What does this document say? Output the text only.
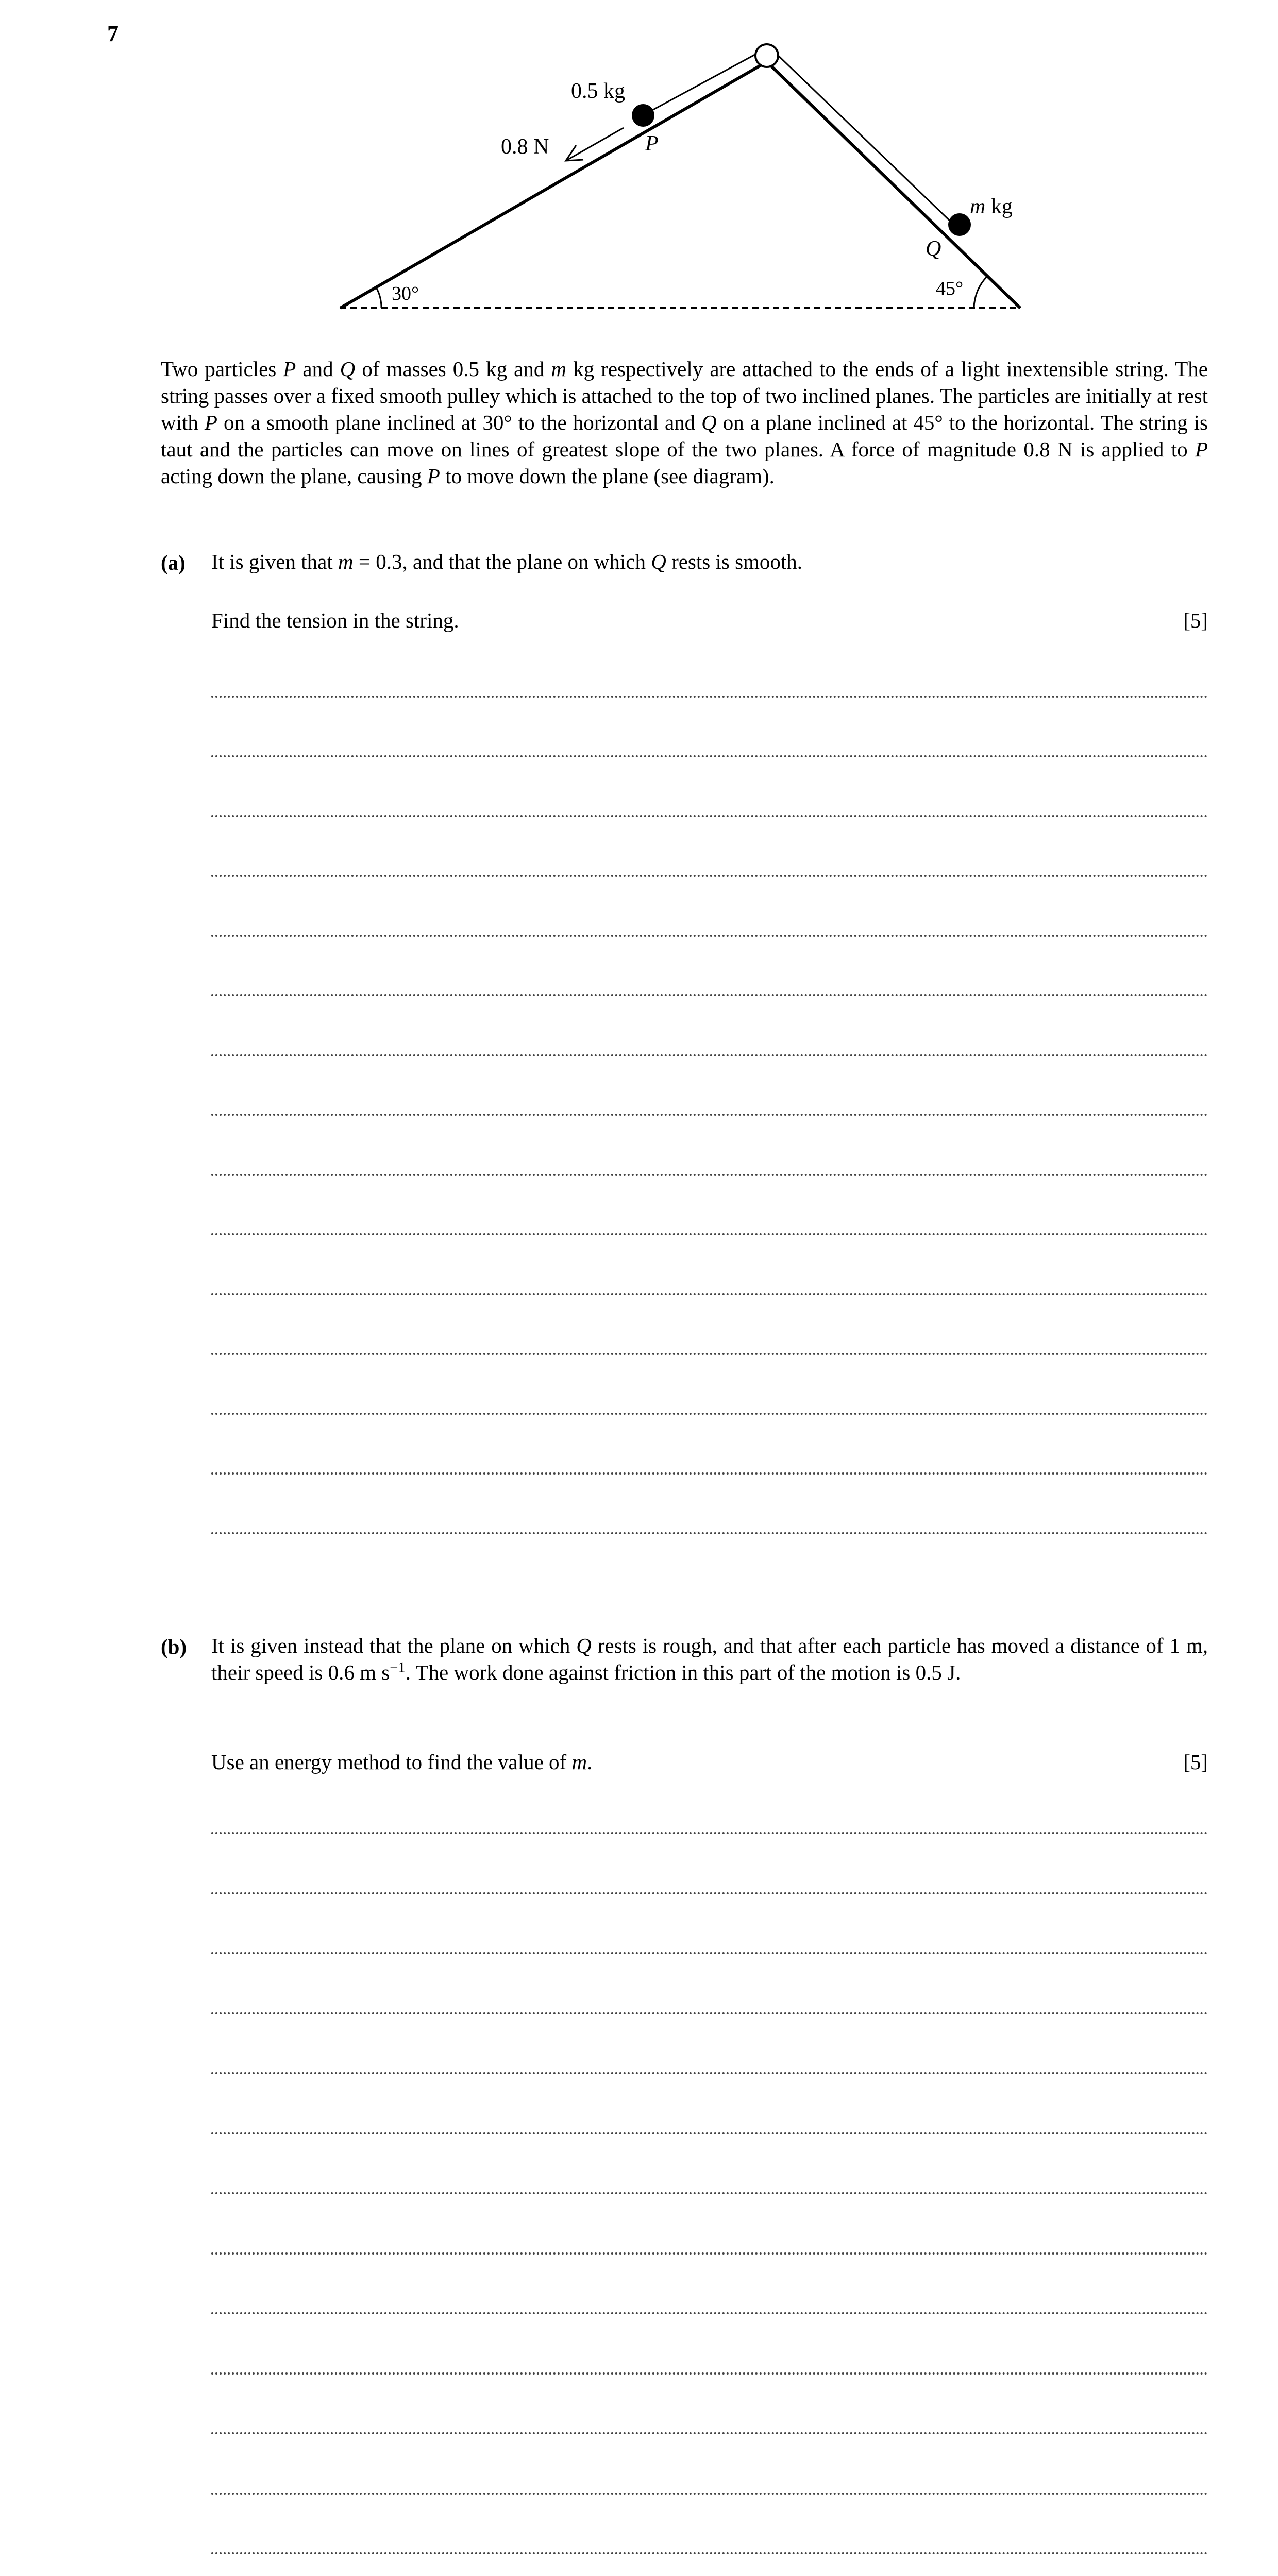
7
0.5 kg
0.8 N	P
m kg
Q
30°	45°
Two particles P and Q of masses 0.5 kg and m kg respectively are attached to the ends of a light inextensible string. The string passes over a fixed smooth pulley which is attached to the top of two inclined planes. The particles are initially at rest with P on a smooth plane inclined at 30° to the horizontal and Q on a plane inclined at 45° to the horizontal. The string is taut and the particles can move on lines of greatest slope of the two planes. A force of magnitude 0.8 N is applied to P acting down the plane, causing P to move down the plane (see diagram).
(a) It is given that m = 0.3, and that the plane on which Q rests is smooth.
Find the tension in the string.	[5]
(b) It is given instead that the plane on which Q rests is rough, and that after each particle has moved a distance of 1 m, their speed is 0.6 m $s^{-1}$. The work done against friction in this part of the motion is 0.5 J.
Use an energy method to find the value of m.	[5]
